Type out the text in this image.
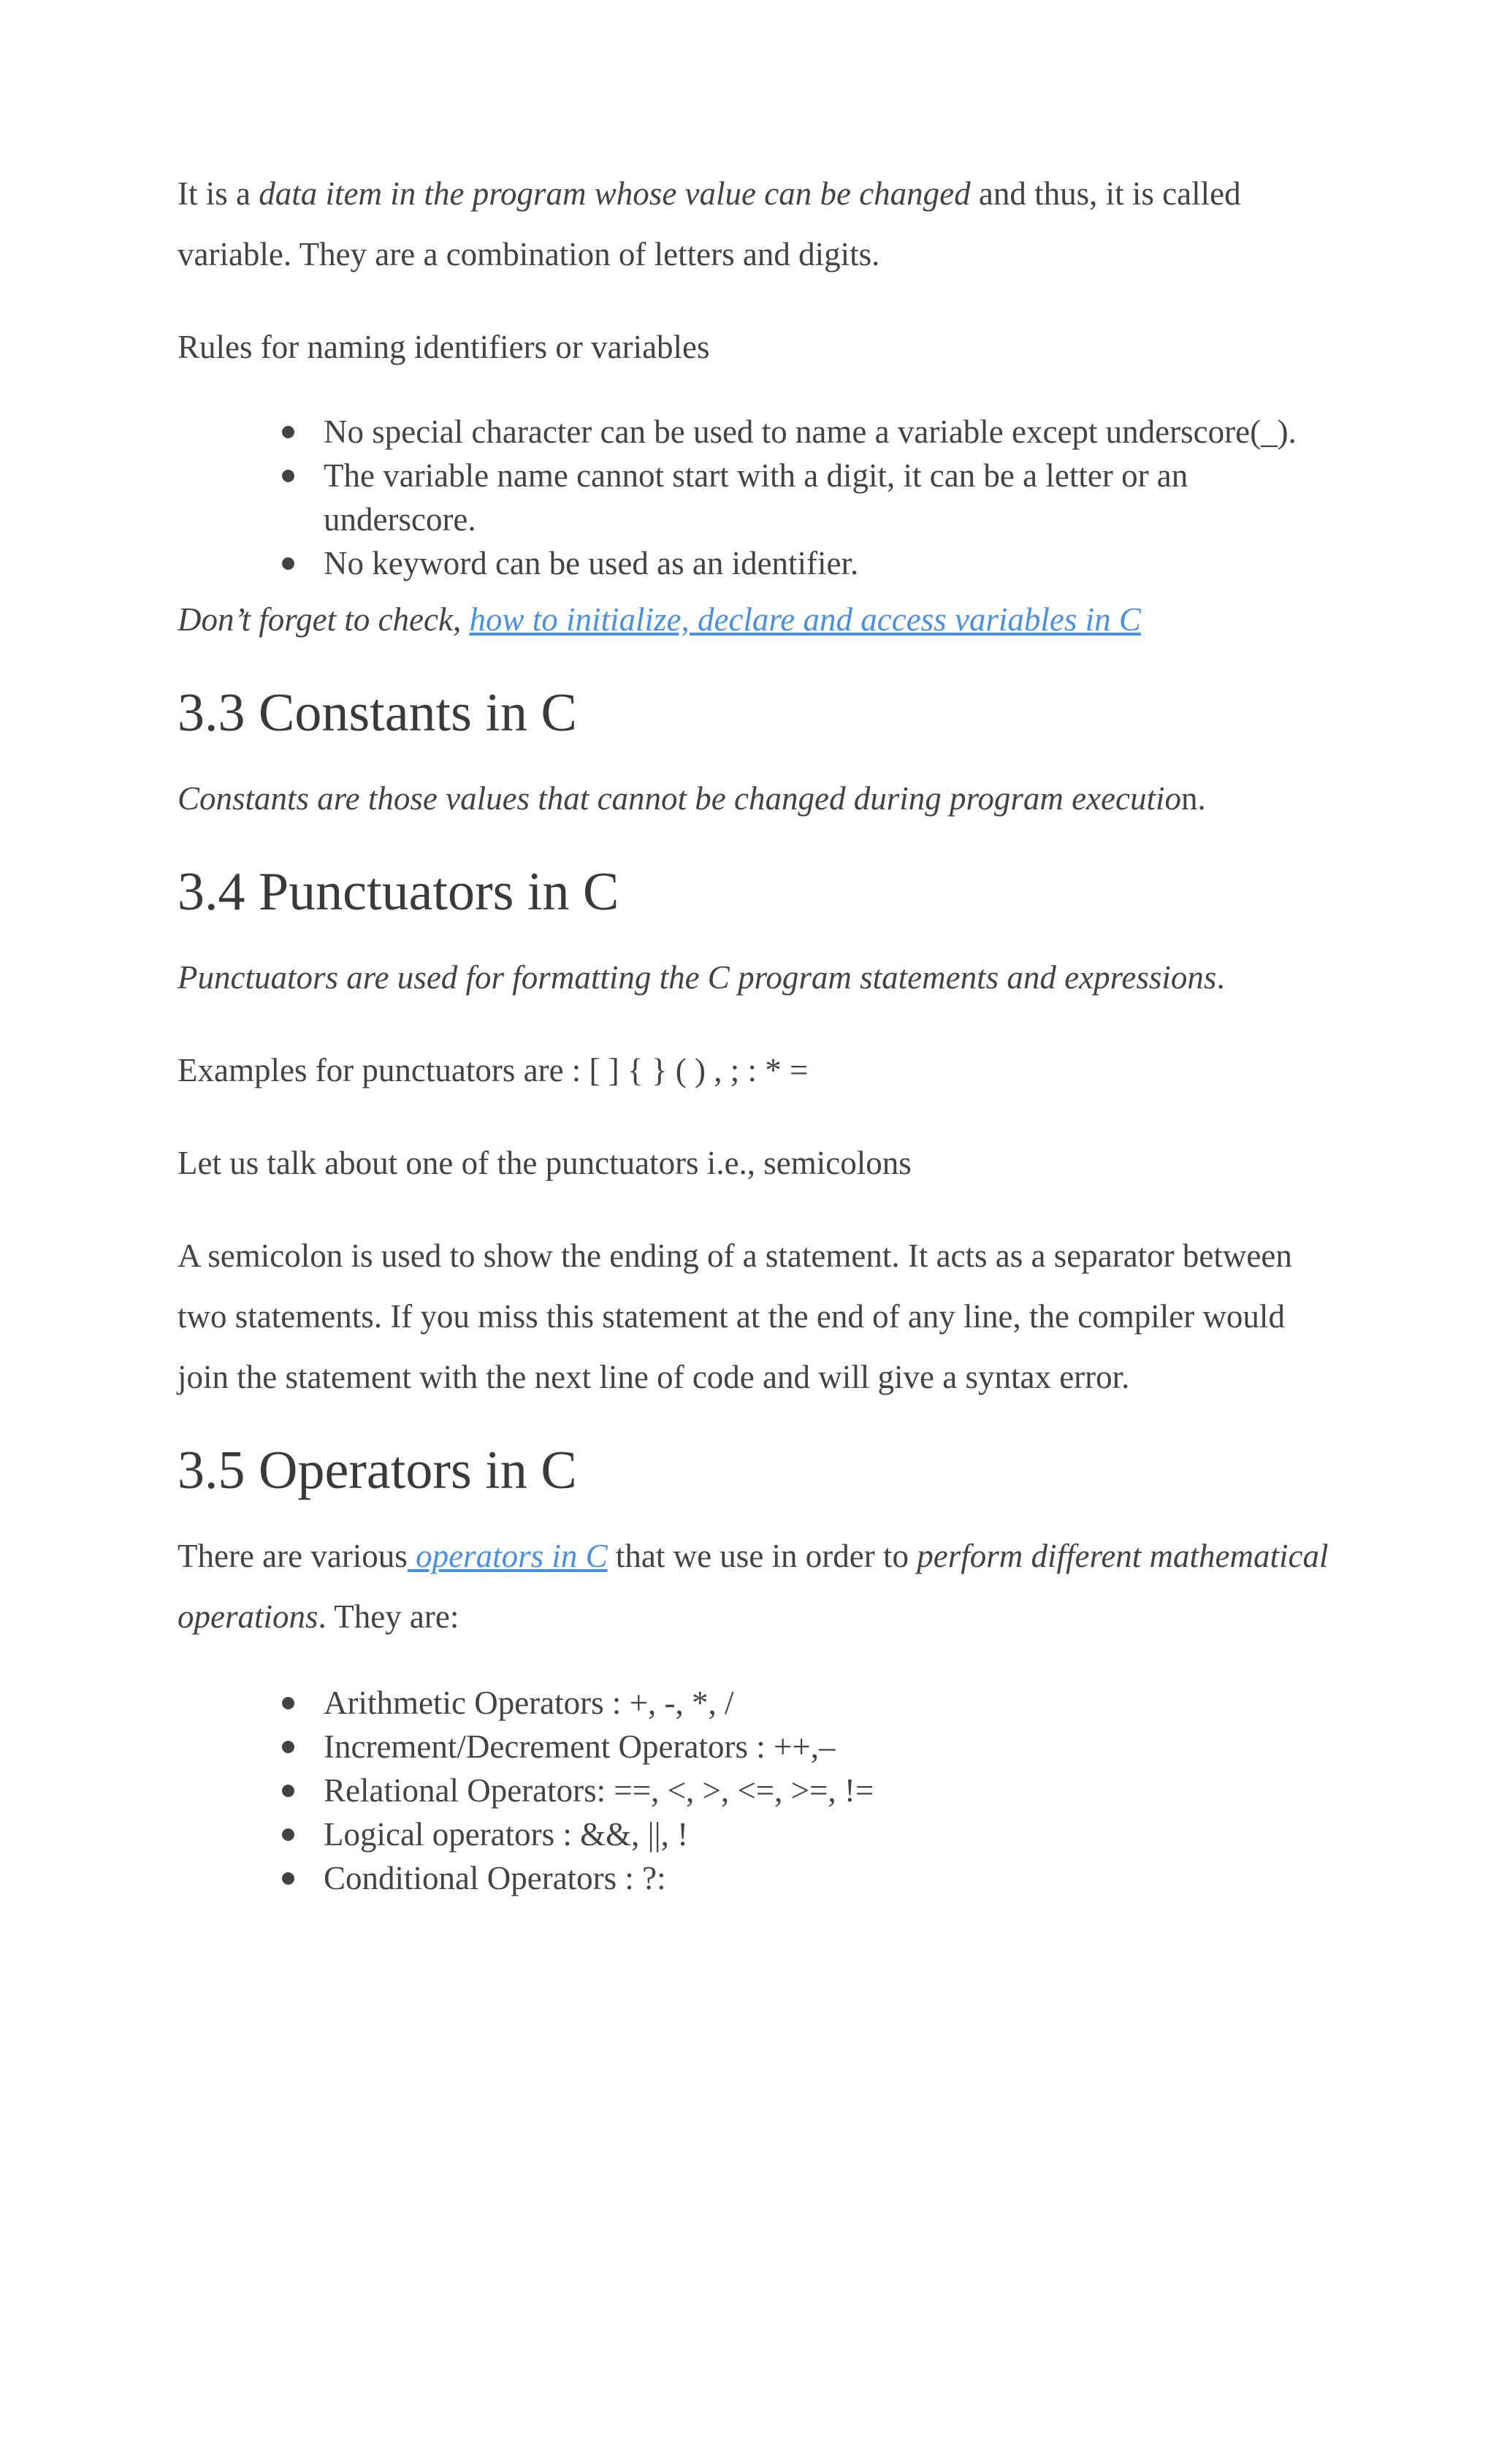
It is a data item in the program whose value can be changed and thus, it is called variable. They are a combination of letters and digits.

Rules for naming identifiers or variables

No special character can be used to name a variable except underscore(_).
The variable name cannot start with a digit, it can be a letter or an underscore.
No keyword can be used as an identifier.

Don’t forget to check, how to initialize, declare and access variables in C

3.3 Constants in C

Constants are those values that cannot be changed during program execution.

3.4 Punctuators in C

Punctuators are used for formatting the C program statements and expressions.

Examples for punctuators are : [ ] { } ( ) , ; : * =

Let us talk about one of the punctuators i.e., semicolons

A semicolon is used to show the ending of a statement. It acts as a separator between two statements. If you miss this statement at the end of any line, the compiler would join the statement with the next line of code and will give a syntax error.

3.5 Operators in C

There are various operators in C that we use in order to perform different mathematical operations. They are:

Arithmetic Operators : +, -, *, /
Increment/Decrement Operators : ++,–
Relational Operators: ==, <, >, <=, >=, !=
Logical operators : &&, ||, !
Conditional Operators : ?:
